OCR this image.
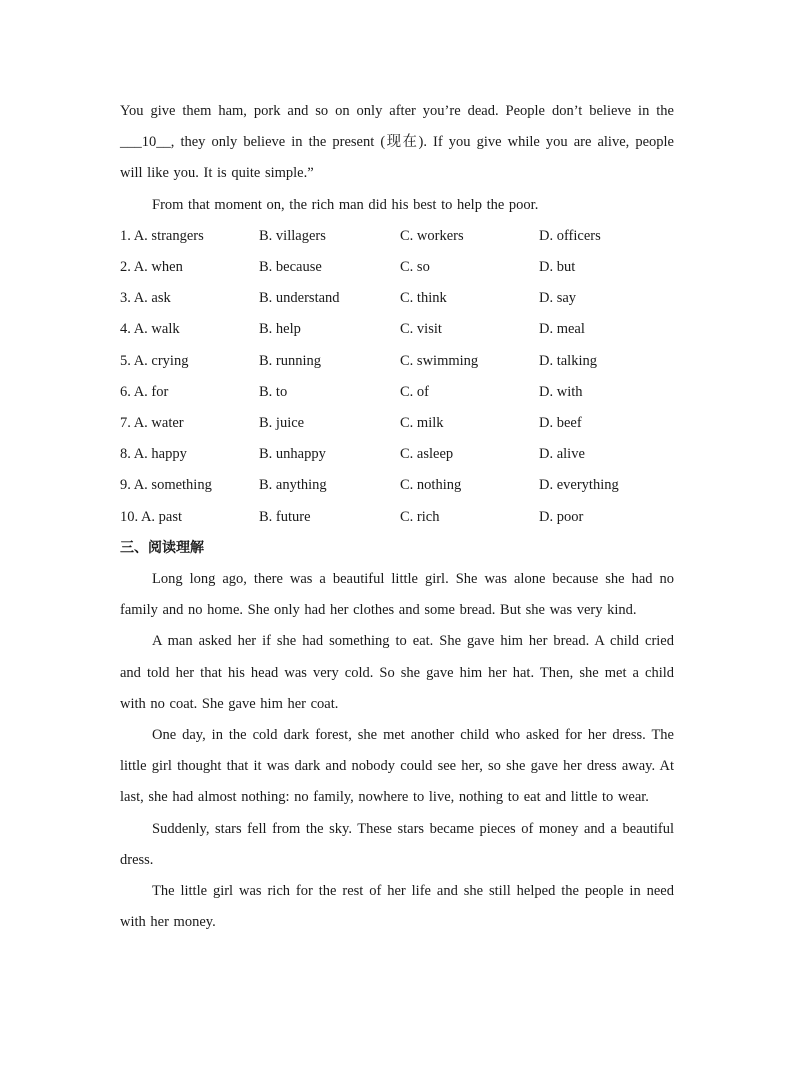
You give them ham, pork and so on only after you’re dead. People don’t believe in the ___10__, they only believe in the present (现在). If you give while you are alive, people will like you. It is quite simple.”

From that moment on, the rich man did his best to help the poor.

1. A. strangers	B. villagers	C. workers	D. officers
2. A. when	B. because	C. so	D. but
3. A. ask	B. understand	C. think	D. say
4. A. walk	B. help	C. visit	D. meal
5. A. crying	B. running	C. swimming	D. talking
6. A. for	B. to	C. of	D. with
7. A. water	B. juice	C. milk	D. beef
8. A. happy	B. unhappy	C. asleep	D. alive
9. A. something	B. anything	C. nothing	D. everything
10. A. past	B. future	C. rich	D. poor

三、阅读理解

Long long ago, there was a beautiful little girl. She was alone because she had no family and no home. She only had her clothes and some bread. But she was very kind.

A man asked her if she had something to eat. She gave him her bread. A child cried and told her that his head was very cold. So she gave him her hat. Then, she met a child with no coat. She gave him her coat.

One day, in the cold dark forest, she met another child who asked for her dress. The little girl thought that it was dark and nobody could see her, so she gave her dress away. At last, she had almost nothing: no family, nowhere to live, nothing to eat and little to wear.

Suddenly, stars fell from the sky. These stars became pieces of money and a beautiful dress.

The little girl was rich for the rest of her life and she still helped the people in need with her money.
